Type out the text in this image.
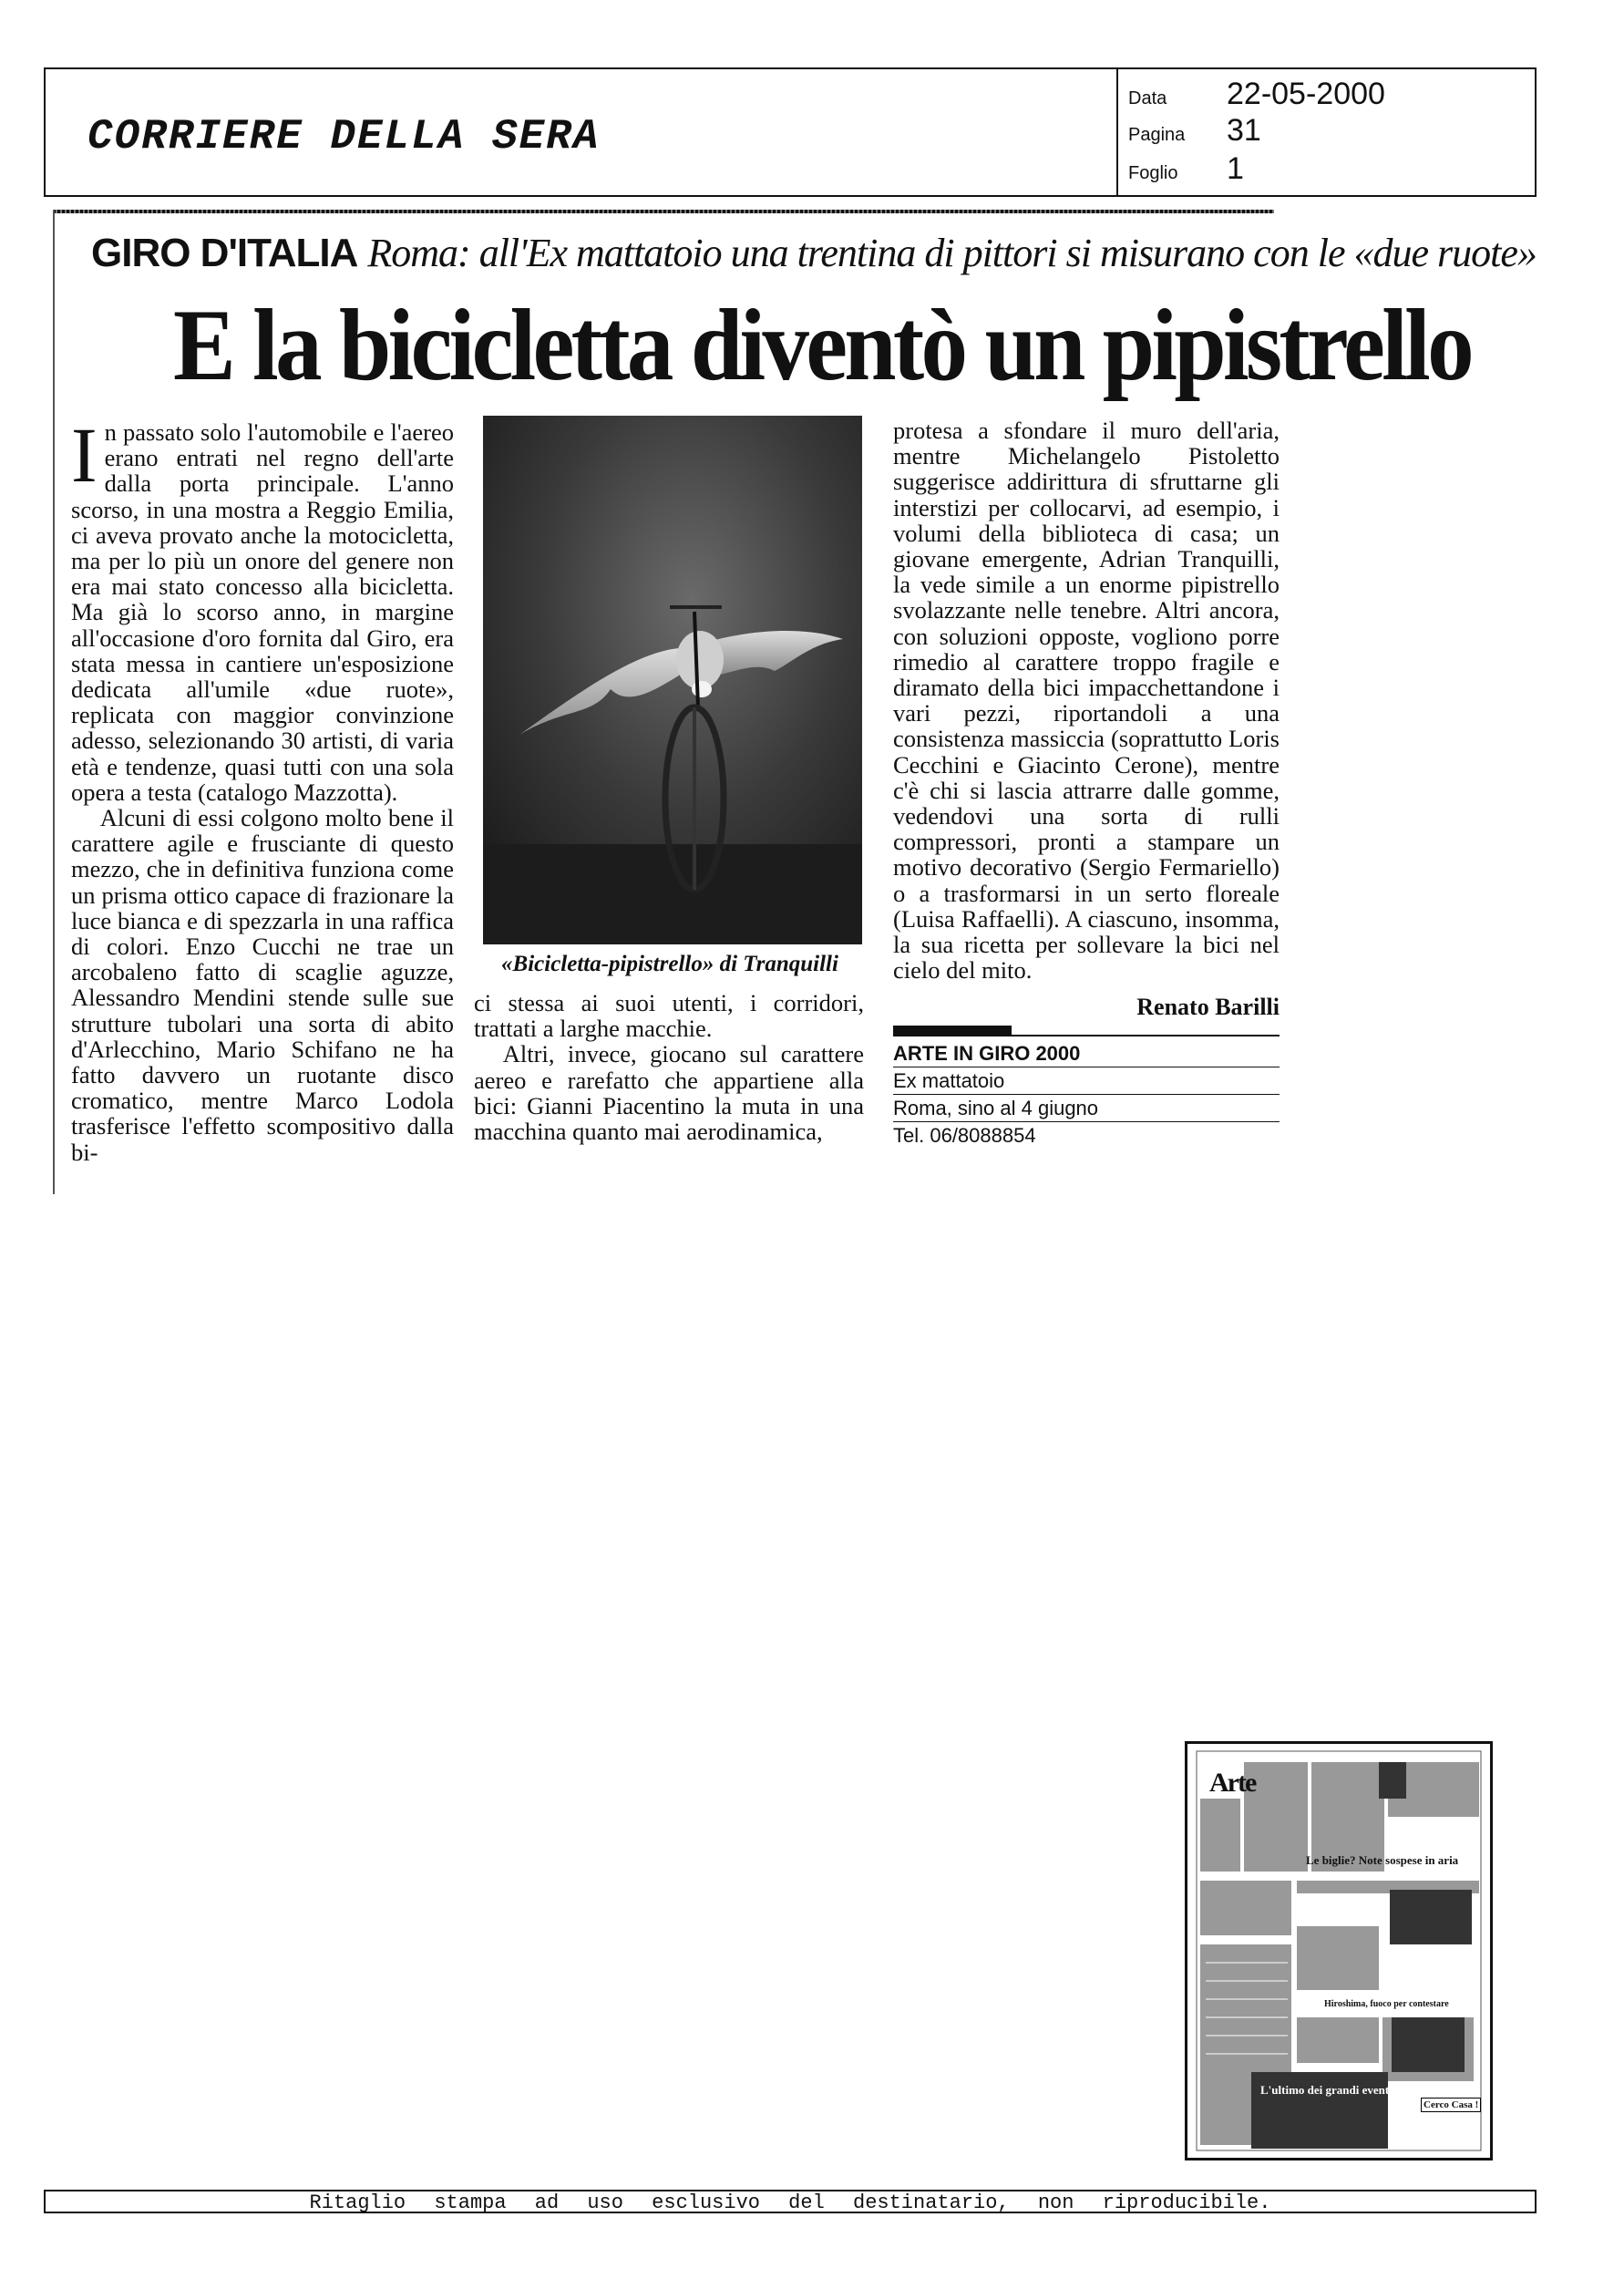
CORRIERE DELLA SERA
Data	22-05-2000
Pagina	31
Foglio	1
GIRO D'ITALIA Roma: all'Ex mattatoio una trentina di pittori si misurano con le «due ruote»
E la bicicletta diventò un pipistrello

In passato solo l'automobile e l'aereo erano entrati nel regno dell'arte dalla porta principale. L'anno scorso, in una mostra a Reggio Emilia, ci aveva provato anche la motocicletta, ma per lo più un onore del genere non era mai stato concesso alla bicicletta. Ma già lo scorso anno, in margine all'occasione d'oro fornita dal Giro, era stata messa in cantiere un'esposizione dedicata all'umile «due ruote», replicata con maggior convinzione adesso, selezionando 30 artisti, di varia età e tendenze, quasi tutti con una sola opera a testa (catalogo Mazzotta).

Alcuni di essi colgono molto bene il carattere agile e frusciante di questo mezzo, che in definitiva funziona come un prisma ottico capace di frazionare la luce bianca e di spezzarla in una raffica di colori. Enzo Cucchi ne trae un arcobaleno fatto di scaglie aguzze, Alessandro Mendini stende sulle sue strutture tubolari una sorta di abito d'Arlecchino, Mario Schifano ne ha fatto davvero un ruotante disco cromatico, mentre Marco Lodola trasferisce l'effetto scompositivo dalla bi-

«Bicicletta-pipistrello» di Tranquilli

ci stessa ai suoi utenti, i corridori, trattati a larghe macchie.

Altri, invece, giocano sul carattere aereo e rarefatto che appartiene alla bici: Gianni Piacentino la muta in una macchina quanto mai aerodinamica,

protesa a sfondare il muro dell'aria, mentre Michelangelo Pistoletto suggerisce addirittura di sfruttarne gli interstizi per collocarvi, ad esempio, i volumi della biblioteca di casa; un giovane emergente, Adrian Tranquilli, la vede simile a un enorme pipistrello svolazzante nelle tenebre. Altri ancora, con soluzioni opposte, vogliono porre rimedio al carattere troppo fragile e diramato della bici impacchettandone i vari pezzi, riportandoli a una consistenza massiccia (soprattutto Loris Cecchini e Giacinto Cerone), mentre c'è chi si lascia attrarre dalle gomme, vedendovi una sorta di rulli compressori, pronti a stampare un motivo decorativo (Sergio Fermariello) o a trasformarsi in un serto floreale (Luisa Raffaelli). A ciascuno, insomma, la sua ricetta per sollevare la bici nel cielo del mito.

Renato Barilli
ARTE IN GIRO 2000
Ex mattatoio
Roma, sino al 4 giugno
Tel. 06/8088854
Arte
Le biglie? Note sospese in aria
Hiroshima, fuoco per contestare
L'ultimo dei grandi eventi
Cerco Casa !
Ritaglio stampa ad uso esclusivo del destinatario, non riproducibile.
